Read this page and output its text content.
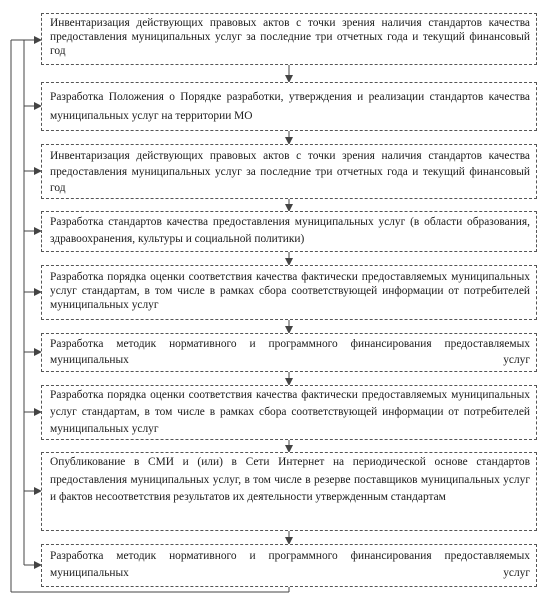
Инвентаризация действующих правовых актов с точки зрения наличия стандартов качества предоставления муниципальных услуг за последние три отчетных года и текущий финансовый год
Разработка Положения о Порядке разработки, утверждения и реализации стандартов качества муниципальных услуг на территории МО
Инвентаризация действующих правовых актов с точки зрения наличия стандартов качества предоставления муниципальных услуг за последние три отчетных года и текущий финансовый год
Разработка стандартов качества предоставления муниципальных услуг (в области образования, здравоохранения, культуры и социальной политики)
Разработка порядка оценки соответствия качества фактически предоставляемых муниципальных услуг стандартам, в том числе в рамках сбора соответствующей информации от потребителей муниципальных услуг
Разработка методик нормативного и программного финансирования предоставляемых муниципальных услуг
Разработка порядка оценки соответствия качества фактически предоставляемых муниципальных услуг стандартам, в том числе в рамках сбора соответствующей информации от потребителей муниципальных услуг
Опубликование в СМИ и (или) в Сети Интернет на периодической основе стандартов предоставления муниципальных услуг, в том числе в резерве поставщиков муниципальных услуг и фактов несоответствия результатов их деятельности утвержденным стандартам
Разработка методик нормативного и программного финансирования предоставляемых муниципальных услуг
